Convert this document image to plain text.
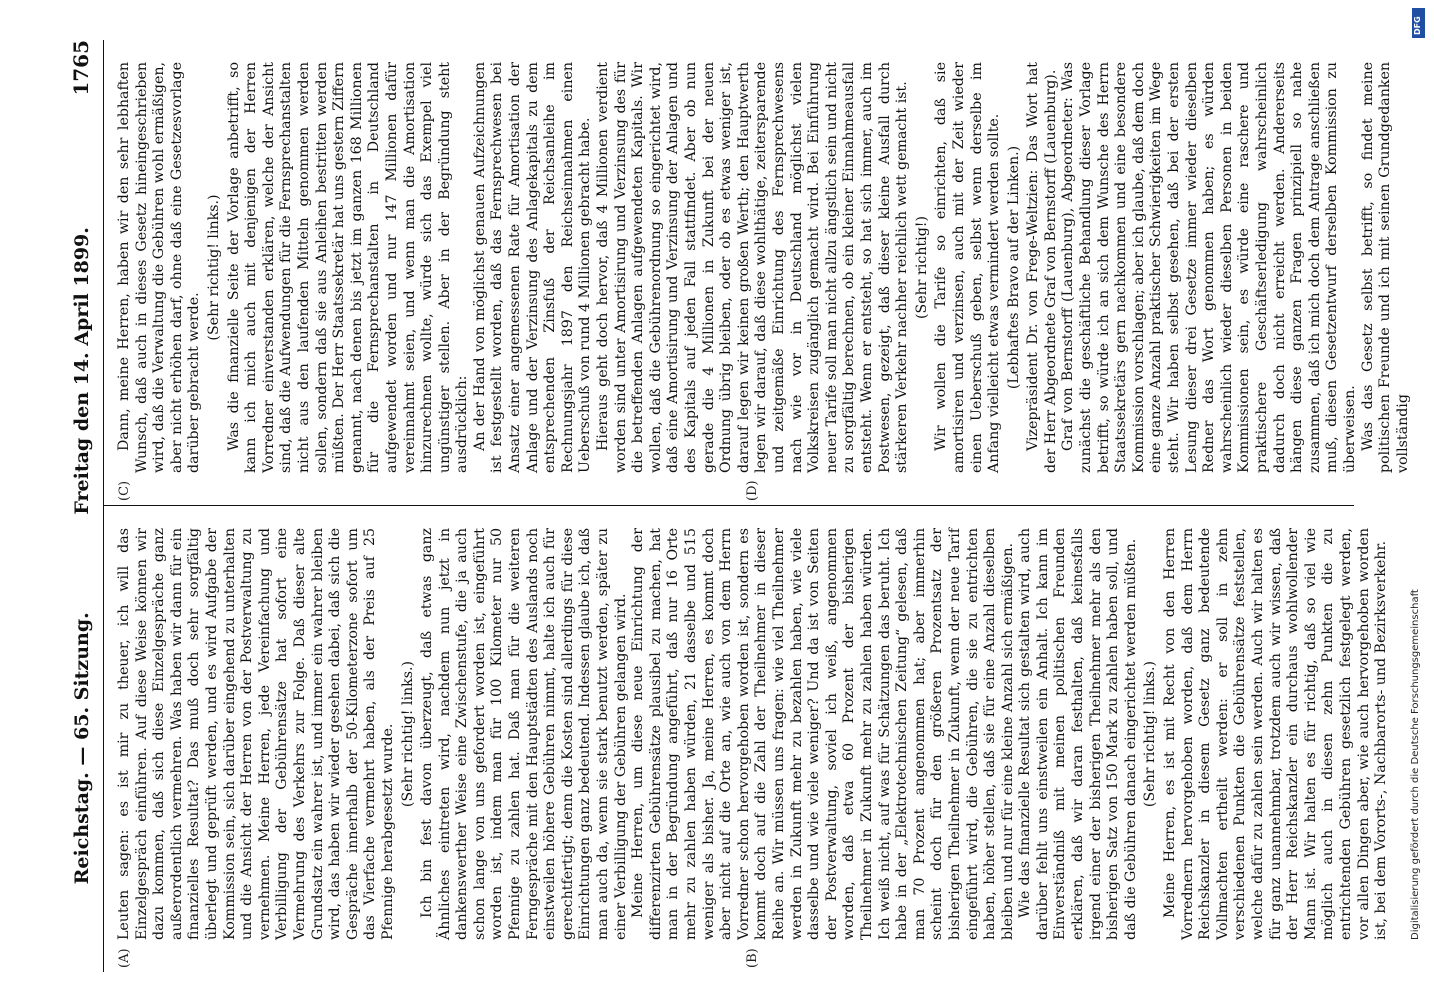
DFG
Digitalisierung gefördert durch die Deutsche Forschungsgemeinschaft
Reichstag. — 65. Sitzung.
Freitag den 14. April 1899.
1765
(A)	(B)

Leuten sagen: es ist mir zu theuer, ich will das Einzelgespräch einführen. Auf diese Weise können wir dazu kommen, daß sich diese Einzelgespräche ganz außerordentlich vermehren. Was haben wir dann für ein finanzielles Resultat? Das muß doch sehr sorgfältig überlegt und geprüft werden, und es wird Aufgabe der Kommission sein, sich darüber eingehend zu unterhalten und die Ansicht der Herren von der Postverwaltung zu vernehmen. Meine Herren, jede Vereinfachung und Verbilligung der Gebührensätze hat sofort eine Vermehrung des Verkehrs zur Folge. Daß dieser alte Grundsatz ein wahrer ist, und immer ein wahrer bleiben wird, das haben wir wieder gesehen dabei, daß sich die Gespräche innerhalb der 50-Kilometerzone sofort um das Vierfache vermehrt haben, als der Preis auf 25 Pfennige herabgesetzt wurde. (Sehr richtig! links.) Ich bin fest davon überzeugt, daß etwas ganz Ähnliches eintreten wird, nachdem nun jetzt in dankenswerther Weise eine Zwischenstufe, die ja auch schon lange von uns gefordert worden ist, eingeführt worden ist, indem man für 100 Kilometer nur 50 Pfennige zu zahlen hat. Daß man für die weiteren Ferngespräche mit den Hauptstädten des Auslands noch einstweilen höhere Gebühren nimmt, halte ich auch für gerechtfertigt; denn die Kosten sind allerdings für diese Einrichtungen ganz bedeutend. Indessen glaube ich, daß man auch da, wenn sie stark benutzt werden, später zu einer Verbilligung der Gebühren gelangen wird. Meine Herren, um diese neue Einrichtung der differenzirten Gebührensätze plausibel zu machen, hat man in der Begründung angeführt, daß nur 16 Orte mehr zu zahlen haben würden, 21 dasselbe und 515 weniger als bisher. Ja, meine Herren, es kommt doch aber nicht auf die Orte an, wie auch von dem Herrn Vorredner schon hervorgehoben worden ist, sondern es kommt doch auf die Zahl der Theilnehmer in dieser Reihe an. Wir müssen uns fragen: wie viel Theilnehmer werden in Zukunft mehr zu bezahlen haben, wie viele dasselbe und wie viele weniger? Und da ist von Seiten der Postverwaltung, soviel ich weiß, angenommen worden, daß etwa 60 Prozent der bisherigen Theilnehmer in Zukunft mehr zu zahlen haben würden. Ich weiß nicht, auf was für Schätzungen das beruht. Ich habe in der „Elektrotechnischen Zeitung“ gelesen, daß man 70 Prozent angenommen hat; aber immerhin scheint doch für den größeren Prozentsatz der bisherigen Theilnehmer in Zukunft, wenn der neue Tarif eingeführt wird, die Gebühren, die sie zu entrichten haben, höher stellen, daß sie für eine Anzahl dieselben bleiben und nur für eine kleine Anzahl sich ermäßigen. Wie das finanzielle Resultat sich gestalten wird, auch darüber fehlt uns einstweilen ein Anhalt. Ich kann im Einverständniß mit meinen politischen Freunden erklären, daß wir daran festhalten, daß keinesfalls irgend einer der bisherigen Theilnehmer mehr als den bisherigen Satz von 150 Mark zu zahlen haben soll, und daß die Gebühren danach eingerichtet werden müßten. (Sehr richtig! links.) Meine Herren, es ist mit Recht von den Herren Vorrednern hervorgehoben worden, daß dem Herrn Reichskanzler in diesem Gesetz ganz bedeutende Vollmachten ertheilt werden: er soll in zehn verschiedenen Punkten die Gebührensätze feststellen, welche dafür zu zahlen sein werden. Auch wir halten es für ganz unannehmbar, trotzdem auch wir wissen, daß der Herr Reichskanzler ein durchaus wohlwollender Mann ist. Wir halten es für richtig, daß so viel wie möglich auch in diesen zehn Punkten die zu entrichtenden Gebühren gesetzlich festgelegt werden, vor allen Dingen aber, wie auch hervorgehoben worden ist, bei dem Vororts-, Nachbarorts- und Bezirksverkehr.

(C)	(D)

Dann, meine Herren, haben wir den sehr lebhaften Wunsch, daß auch in dieses Gesetz hineingeschrieben wird, daß die Verwaltung die Gebühren wohl ermäßigen, aber nicht erhöhen darf, ohne daß eine Gesetzesvorlage darüber gebracht werde.

(Sehr richtig! links.) Was die finanzielle Seite der Vorlage anbetrifft, so kann ich mich auch mit denjenigen der Herren Vorredner einverstanden erklären, welche der Ansicht sind, daß die Aufwendungen für die Fernsprechanstalten nicht aus den laufenden Mitteln genommen werden sollen, sondern daß sie aus Anleihen bestritten werden müßten. Der Herr Staatssekretär hat uns gestern Ziffern genannt, nach denen bis jetzt im ganzen 168 Millionen für die Fernsprechanstalten in Deutschland aufgewendet worden und nur 147 Millionen dafür vereinnahmt seien, und wenn man die Amortisation hinzurechnen wollte, würde sich das Exempel viel ungünstiger stellen. Aber in der Begründung steht ausdrücklich: An der Hand von möglichst genauen Aufzeichnungen ist festgestellt worden, daß das Fernsprechwesen bei Ansatz einer angemessenen Rate für Amortisation der Anlage und der Verzinsung des Anlagekapitals zu dem entsprechenden Zinsfuß der Reichsanleihe im Rechnungsjahr 1897 den Reichseinnahmen einen Ueberschuß von rund 4 Millionen gebracht habe. Hieraus geht doch hervor, daß 4 Millionen verdient worden sind unter Amortisirung und Verzinsung des für die betreffenden Anlagen aufgewendeten Kapitals. Wir wollen, daß die Gebührenordnung so eingerichtet wird, daß eine Amortisirung und Verzinsung der Anlagen und des Kapitals auf jeden Fall stattfindet. Aber ob nun gerade die 4 Millionen in Zukunft bei der neuen Ordnung übrig bleiben, oder ob es etwas weniger ist, darauf legen wir keinen großen Werth; den Hauptwerth legen wir darauf, daß diese wohlthätige, zeitersparende und zeitgemäße Einrichtung des Fernsprechwesens nach wie vor in Deutschland möglichst vielen Volkskreisen zugänglich gemacht wird. Bei Einführung neuer Tarife soll man nicht allzu ängstlich sein und nicht zu sorgfältig berechnen, ob ein kleiner Einnahmeausfall entsteht. Wenn er entsteht, so hat sich immer, auch im Postwesen, gezeigt, daß dieser kleine Ausfall durch stärkeren Verkehr nachher reichlich wett gemacht ist. (Sehr richtig!) Wir wollen die Tarife so einrichten, daß sie amortisiren und verzinsen, auch mit der Zeit wieder einen Ueberschuß geben, selbst wenn derselbe im Anfang vielleicht etwas vermindert werden sollte. (Lebhaftes Bravo auf der Linken.) Vizepräsident Dr. von Frege-Weltzien: Das Wort hat der Herr Abgeordnete Graf von Bernstorff (Lauenburg). Graf von Bernstorff (Lauenburg), Abgeordneter: Was zunächst die geschäftliche Behandlung dieser Vorlage betrifft, so würde ich an sich dem Wunsche des Herrn Staatssekretärs gern nachkommen und eine besondere Kommission vorschlagen; aber ich glaube, daß dem doch eine ganze Anzahl praktischer Schwierigkeiten im Wege steht. Wir haben selbst gesehen, daß bei der ersten Lesung dieser drei Gesetze immer wieder dieselben Redner das Wort genommen haben; es würden wahrscheinlich wieder dieselben Personen in beiden Kommissionen sein, es würde eine raschere und praktischere Geschäftserledigung wahrscheinlich dadurch doch nicht erreicht werden. Andererseits hängen diese ganzen Fragen prinzipiell so nahe zusammen, daß ich mich doch dem Antrage anschließen muß, diesen Gesetzentwurf derselben Kommission zu überweisen. Was das Gesetz selbst betrifft, so findet meine politischen Freunde und ich mit seinen Grundgedanken vollständig
